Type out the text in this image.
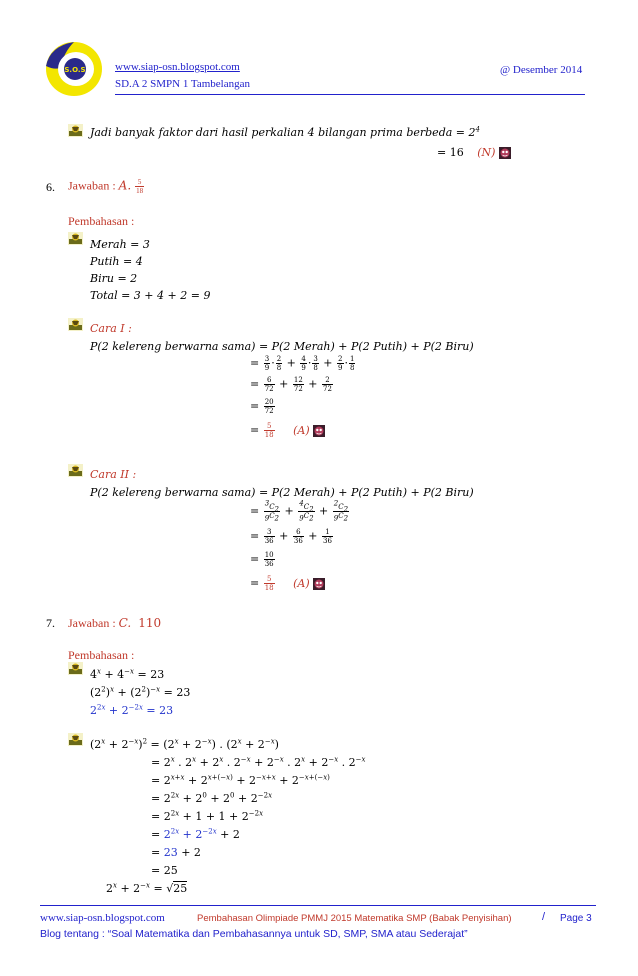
S.O.S	www.siap-osn.blogspot.com
SD.A 2 SMPN 1 Tambelangan
@ Desember 2014
Jadi banyak faktor dari hasil perkalian 4 bilangan prima berbeda = $2^4$
= 16 (N)
6. Jawaban : A. $\frac{5}{18}$
Pembahasan :
Merah = 3
Putih = 4
Biru = 2
Total = 3 + 4 + 2 = 9
Cara I :
P(2 kelereng berwarna sama) = P(2 Merah) + P(2 Putih) + P(2 Biru)
= $\frac{3}{9} \cdot \frac{2}{8} + \frac{4}{9} \cdot \frac{3}{8} + \frac{2}{9} \cdot \frac{1}{8}$
= $\frac{6}{72} + \frac{12}{72} + \frac{2}{72}$
= $\frac{20}{72}$
= $\frac{5}{18} (A)$
Cara II :
P(2 kelereng berwarna sama) = P(2 Merah) + P(2 Putih) + P(2 Biru)
= $\frac{^3C_2}{_9C_2} + \frac{^4C_2}{_9C_2} + \frac{^2C_2}{_9C_2}$
= $\frac{3}{36} + \frac{6}{36} + \frac{1}{36}$
= $\frac{10}{36}$
= $\frac{5}{18} (A)$
7. Jawaban : C. 110
Pembahasan :
$4^x + 4^{-x} = 23$
$(2^2)^x + (2^2)^{-x} = 23$
$2^{2x} + 2^{-2x} = 23$
$(2^x + 2^{-x})^2 = (2^x + 2^{-x})$ . $(2^x + 2^{-x})$
= $2^x$ . $2^x + 2^x$ . $2^{-x} + 2^{-x}$ . $2^x + 2^{-x}$ . $2^{-x}$
= $2^{x+x} + 2^{x+(-x)} + 2^{-x+x} + 2^{-x+(-x)}$
= $2^{2x} + 2^0 + 2^0 + 2^{-2x}$
= $2^{2x} + 1 + 1 + 2^{-2x}$
= $2^{2x} + 2^{-2x} + 2$
= 23 + 2
= 25
$2^x + 2^{-x} = √25$
www.siap-osn.blogspot.com	Pembahasan Olimpiade PMMJ 2015 Matematika SMP (Babak Penyisihan)	/ Page 3
Blog tentang : “Soal Matematika dan Pembahasannya untuk SD, SMP, SMA atau Sederajat”
